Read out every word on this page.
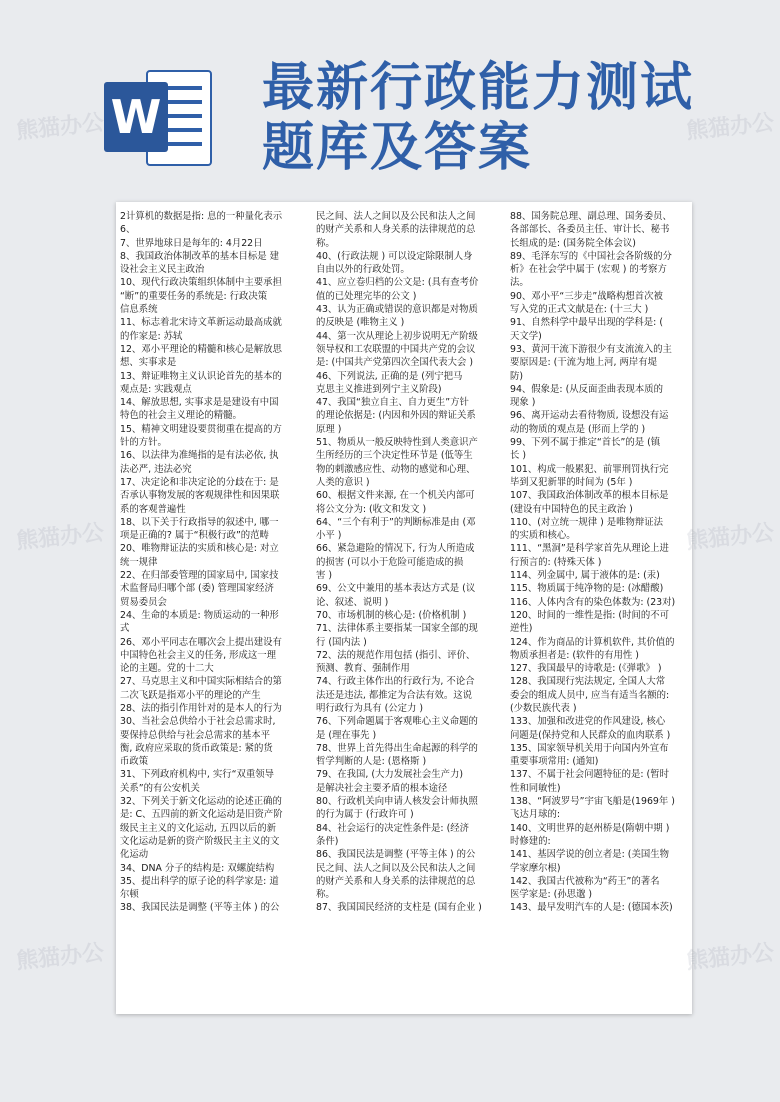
W 最新行政能力测试
题库及答案
2计算机的数据是指: 息的一种量化表示
6、
7、世界地球日是每年的: 4月22日
8、我国政治体制改革的基本目标是 建
设社会主义民主政治
10、现代行政决策组织体制中主要承担
“断”的重要任务的系统是: 行政决策
信息系统
11、标志着北宋诗文革新运动最高成就
的作家是: 苏轼
12、邓小平理论的精髓和核心是解放思
想、实事求是
13、辩证唯物主义认识论首先的基本的
观点是: 实践观点
14、解放思想, 实事求是是建设有中国
特色的社会主义理论的精髓。
15、精神文明建设要贯彻重在提高的方
针的方针。
16、以法律为准绳指的是有法必依, 执
法必严, 违法必究
17、决定论和非决定论的分歧在于: 是
否承认事物发展的客观规律性和因果联
系的客观普遍性
18、以下关于行政指导的叙述中, 哪一
项是正确的? 属于“积极行政”的范畴
20、唯物辩证法的实质和核心是: 对立
统一规律
22、在归部委管理的国家局中, 国家技
术监督局归哪个部 (委) 管理国家经济
贸易委员会
24、生命的本质是: 物质运动的一种形
式
26、邓小平同志在哪次会上提出建设有
中国特色社会主义的任务, 形成这一理
论的主题。党的十二大
27、马克思主义和中国实际相结合的第
二次飞跃是指邓小平的理论的产生
28、法的指引作用针对的是本人的行为
30、当社会总供给小于社会总需求时,
要保持总供给与社会总需求的基本平
衡, 政府应采取的货币政策是: 紧的货
币政策
31、下列政府机构中, 实行“双重领导
关系”的有公安机关
32、下列关于新文化运动的论述正确的
是: C、五四前的新文化运动是旧资产阶
级民主主义的文化运动, 五四以后的新
文化运动是新的资产阶级民主主义的文
化运动
34、DNA 分子的结构是: 双螺旋结构
35、提出科学的原子论的科学家是: 道
尔顿
38、我国民法是调整 (平等主体 ) 的公
民之间、法人之间以及公民和法人之间
的财产关系和人身关系的法律规范的总
称。
40、(行政法规 ) 可以设定除限制人身
自由以外的行政处罚。
41、应立卷归档的公文是: (具有查考价
值的已处理完毕的公文 )
43、认为正确或错误的意识都是对物质
的反映是 (唯物主义 )
44、第一次从理论上初步说明无产阶级
领导权和工农联盟的中国共产党的会议
是: (中国共产党第四次全国代表大会 )
46、下列说法, 正确的是 (列宁把马
克思主义推进到列宁主义阶段)
47、我国“独立自主、自力更生”方针
的理论依据是: (内因和外因的辩证关系
原理 )
51、物质从一般反映特性到人类意识产
生所经历的三个决定性环节是 (低等生
物的刺激感应性、动物的感觉和心理、
人类的意识 )
60、根据文件来源, 在一个机关内部可
将公文分为: (收文和发文 )
64、“三个有利于”的判断标准是由 (邓
小平 )
66、紧急避险的情况下, 行为人所造成
的损害 (可以小于危险可能造成的损
害 )
69、公文中兼用的基本表达方式是 (议
论、叙述、说明 )
70、市场机制的核心是: (价格机制 )
71、法律体系主要指某一国家全部的现
行 (国内法 )
72、法的规范作用包括 (指引、评价、
预测、教育、强制作用
74、行政主体作出的行政行为, 不论合
法还是违法, 都推定为合法有效。这说
明行政行为具有 (公定力 )
76、下列命题属于客观唯心主义命题的
是 (理在事先 )
78、世界上首先得出生命起源的科学的
哲学判断的人是: (恩格斯 )
79、在我国, (大力发展社会生产力)
是解决社会主要矛盾的根本途径
80、行政机关向申请人核发会计师执照
的行为属于 (行政许可 )
84、社会运行的决定性条件是: (经济
条件)
86、我国民法是调整 (平等主体 ) 的公
民之间、法人之间以及公民和法人之间
的财产关系和人身关系的法律规范的总
称。
87、我国国民经济的支柱是 (国有企业 )
88、国务院总理、副总理、国务委员、
各部部长、各委员主任、审计长、秘书
长组成的是: (国务院全体会议)
89、毛泽东写的《中国社会各阶级的分
析》在社会学中属于 (宏观 ) 的考察方
法。
90、邓小平“三步走”战略构想首次被
写入党的正式文献是在: (十三大 )
91、自然科学中最早出现的学科是: (
天文学)
93、黄河干流下游很少有支流流入的主
要原因是: (干流为地上河, 两岸有堤
防)
94、假象是: (从反面歪曲表现本质的
现象 )
96、离开运动去看待物质, 设想没有运
动的物质的观点是 (形而上学的 )
99、下列不属于推定“首长”的是 (镇
长 )
101、构成一般累犯、前罪刑罚执行完
毕到又犯新罪的时间为 (5年 )
107、我国政治体制改革的根本目标是
(建设有中国特色的民主政治 )
110、(对立统一规律 ) 是唯物辩证法
的实质和核心。
111、“黑洞”是科学家首先从理论上进
行预言的: (特殊天体 )
114、列金属中, 属于液体的是: (汞)
115、物质属于纯净物的是: (冰醋酸)
116、人体内含有的染色体数为: (23对)
120、时间的一维性是指: (时间的不可
逆性)
124、作为商品的计算机软件, 其价值的
物质承担者是: (软件的有用性 )
127、我国最早的诗歌是: (《弹歌》 )
128、我国现行宪法规定, 全国人大常
委会的组成人员中, 应当有适当名额的:
(少数民族代表 )
133、加强和改进党的作风建设, 核心
问题是(保持党和人民群众的血肉联系 )
135、国家领导机关用于向国内外宣布
重要事项常用: (通知)
137、不属于社会问题特征的是: (暂时
性和同敏性)
138、“阿波罗号”宇宙飞船是(1969年 )
飞达月球的:
140、文明世界的赵州桥是(隋朝中期 )
时修建的:
141、基因学说的创立者是: (美国生物
学家摩尔根)
142、我国古代被称为“药王”的著名
医学家是: (孙思邈 )
143、最早发明汽车的人是: (德国本茨)
熊猫办公	熊猫办公
熊猫办公	熊猫办公
熊猫办公	熊猫办公
